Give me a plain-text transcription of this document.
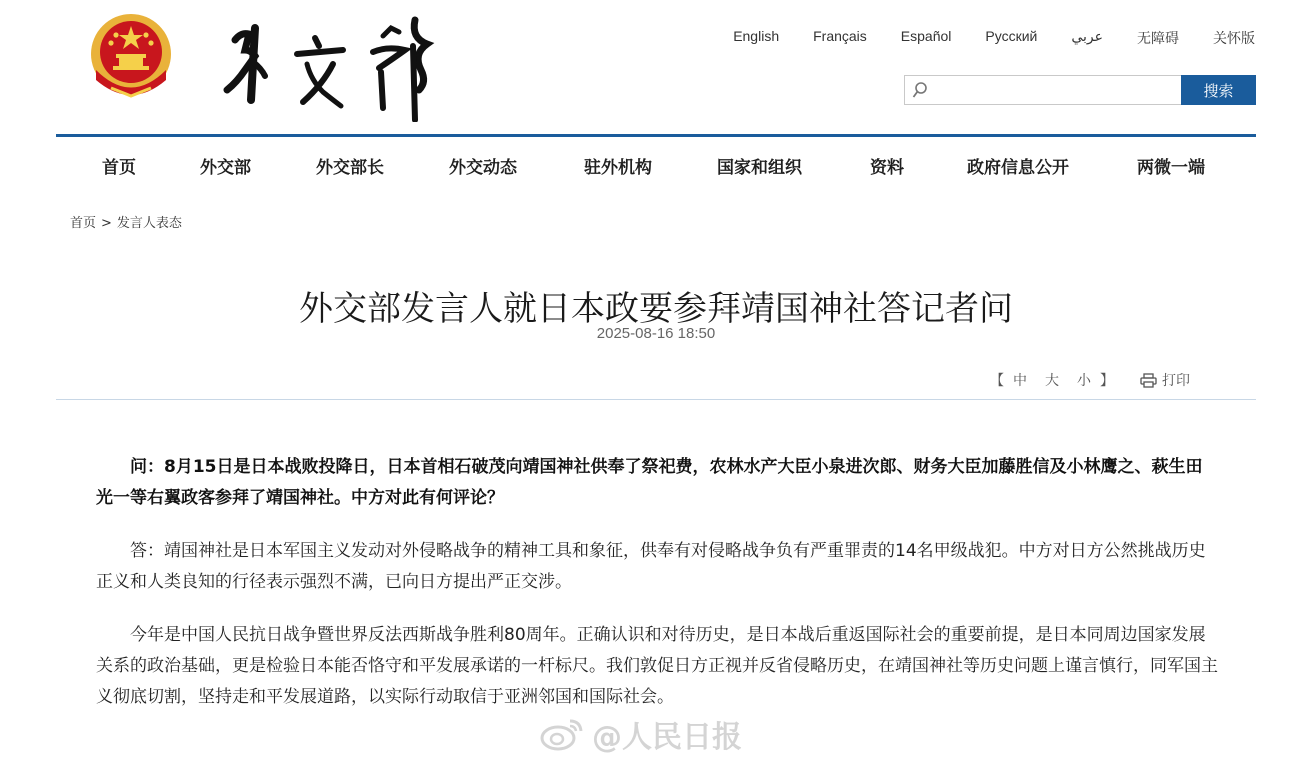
English Français Español Русский عربي 无障碍 关怀版
搜索
首页	外交部	外交部长	外交动态	驻外机构	国家和组织	资料	政府信息公开	两微一端
首页 > 发言人表态
外交部发言人就日本政要参拜靖国神社答记者问
2025-08-16 18:50
【 中 大 小 】	打印

问：8月15日是日本战败投降日，日本首相石破茂向靖国神社供奉了祭祀费，农林水产大臣小泉进次郎、财务大臣加藤胜信及小林鹰之、萩生田光一等右翼政客参拜了靖国神社。中方对此有何评论？

答：靖国神社是日本军国主义发动对外侵略战争的精神工具和象征，供奉有对侵略战争负有严重罪责的14名甲级战犯。中方对日方公然挑战历史正义和人类良知的行径表示强烈不满，已向日方提出严正交涉。

今年是中国人民抗日战争暨世界反法西斯战争胜利80周年。正确认识和对待历史，是日本战后重返国际社会的重要前提，是日本同周边国家发展关系的政治基础，更是检验日本能否恪守和平发展承诺的一杆标尺。我们敦促日方正视并反省侵略历史，在靖国神社等历史问题上谨言慎行，同军国主义彻底切割，坚持走和平发展道路，以实际行动取信于亚洲邻国和国际社会。

@人民日报
